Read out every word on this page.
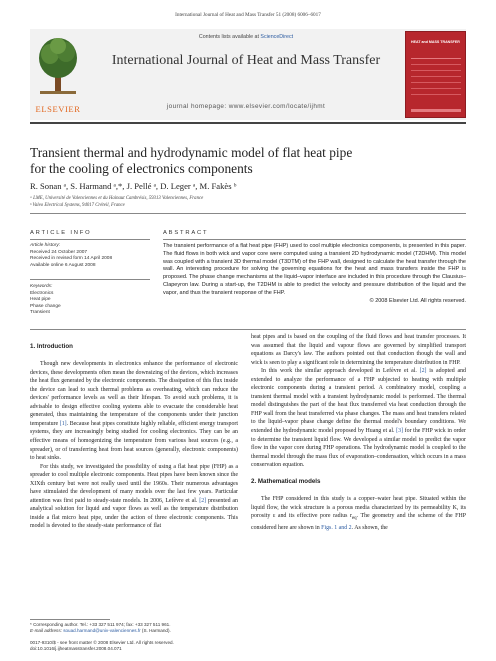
International Journal of Heat and Mass Transfer 51 (2008) 6006–6017
ELSEVIER
Contents lists available at ScienceDirect
International Journal of Heat and Mass Transfer
journal homepage: www.elsevier.com/locate/ijhmt
HEAT and MASS TRANSFER
Transient thermal and hydrodynamic model of flat heat pipe
for the cooling of electronics components
R. Sonan ᵃ, S. Harmand ᵃ,*, J. Pellé ᵃ, D. Leger ᵃ, M. Fakès ᵇ
ᵃ LME, Université de Valenciennes et du Hainaut Cambrésis, 59313 Valenciennes, France
ᵇ Valeo Electrical Systems, 94017 Créteil, France
ARTICLE INFO	ABSTRACT
Article history:
Received 24 October 2007
Received in revised form 14 April 2008
Available online 6 August 2008
Keywords:
Electronics
Heat pipe
Phase change
Transient
The transient performance of a flat heat pipe (FHP) used to cool multiple electronics components, is presented in this paper. The fluid flows in both wick and vapor core were computed using a transient 2D hydrodynamic model (T2DHM). This model was coupled with a transient 3D thermal model (T3DTM) of the FHP wall, designed to calculate the heat transfer through the wall. An interesting procedure for solving the governing equations for the heat and mass transfers inside the FHP is proposed. The phase change mechanisms at the liquid–vapor interface are included in this procedure through the Clausius–Clapeyron law. During a start-up, the T2DHM is able to predict the velocity and pressure distribution of the liquid and the vapor, and thus the transient response of the FHP.
© 2008 Elsevier Ltd. All rights reserved.
1. Introduction

Though new developments in electronics enhance the performance of electronic devices, these developments often mean the downsizing of the devices, which increases the heat flux generated by the electronic components. The dissipation of this flux inside the device can lead to such thermal problems as overheating, which can reduce the devices' performance levels as well as their lifespan. To avoid such problems, it is advisable to design effective cooling systems able to evacuate the considerable heat generated, thus maintaining the temperature of the components under their junction temperature [1]. Because heat pipes constitute highly reliable, efficient energy transport systems, they are increasingly being studied for cooling electronics. They can be an effective means of homogenizing the temperature from various heat sources (e.g., a spreader), or of transferring heat from heat sources (generally, electronic components) to heat sinks.

For this study, we investigated the possibility of using a flat heat pipe (FHP) as a spreader to cool multiple electronic components. Heat pipes have been known since the XIXth century but were not really used until the 1960s. Their numerous advantages have stimulated the development of many models over the last few years. Particular attention was first paid to steady-state models. In 2006, Lefèvre et al. [2] presented an analytical solution for liquid and vapor flows as well as the temperature distribution inside a flat micro heat pipe, under the action of three electronic components. This model is devoted to the steady-state performance of flat

heat pipes and is based on the coupling of the fluid flows and heat transfer processes. It was assumed that the liquid and vapour flows are governed by simplified transport equations as Darcy's law. The authors pointed out that conduction though the wall and wick is seen to play a significant role in determining the temperature distribution in FHP.

In this work the similar approach developed in Lefèvre et al. [2] is adopted and extended to analyze the performance of a FHP subjected to heating with multiple electronic components during a transient period. A combinatory model, coupling a transient thermal model with a transient hydrodynamic model is performed. The thermal model distinguishes the part of the heat flux transferred via heat conduction through the FHP wall from the heat transferred via phase changes. The mass and heat transfers related to the liquid–vapor phase change define the thermal model's boundary conditions. We extended the hydrodynamic model proposed by Huang et al. [3] for the FHP wick in order to determine the transient liquid flow. We developed a similar model to predict the vapor flow in the vapor core during FHP operations. The hydrodynamic model is coupled to the thermal model through the mass flux of evaporation–condensation, which occurs in a mass conservation equation.

2. Mathematical models

The FHP considered in this study is a copper–water heat pipe. Situated within the liquid flow, the wick structure is a porous media characterized by its permeability K, its porosity ε and its effective pore radius $r_{eq}$. The geometry and the scheme of the FHP considered here are shown in Figs. 1 and 2. As shown, the

* Corresponding author. Tel.: +33 327 511 974; fax: +33 327 511 961.
E-mail address: souad.harmand@univ-valenciennes.fr (S. Harmand).
0017-9310/$ - see front matter © 2008 Elsevier Ltd. All rights reserved.
doi:10.1016/j.ijheatmasstransfer.2008.04.071
